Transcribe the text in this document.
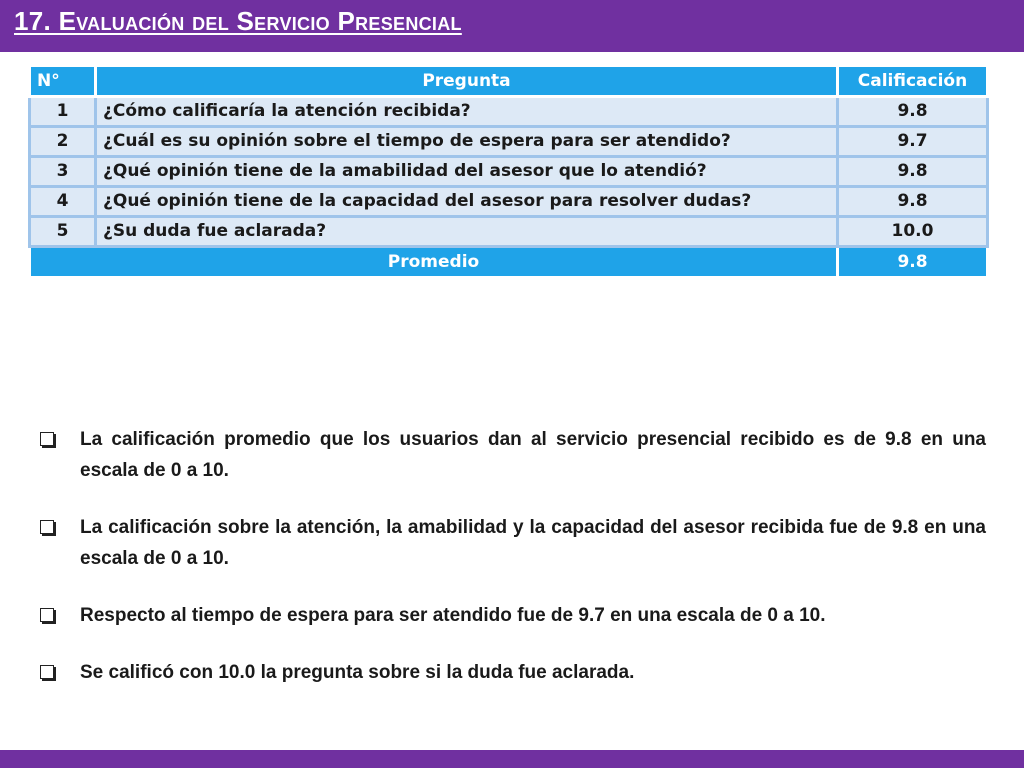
17. Evaluación del Servicio Presencial
N°	Pregunta	Calificación
1	¿Cómo calificaría la atención recibida?	9.8
2	¿Cuál es su opinión sobre el tiempo de espera para ser atendido?	9.7
3	¿Qué opinión tiene de la amabilidad del asesor que lo atendió?	9.8
4	¿Qué opinión tiene de la capacidad del asesor para resolver dudas?	9.8
5	¿Su duda fue aclarada?	10.0
Promedio		9.8
La calificación promedio que los usuarios dan al servicio presencial recibido es de 9.8 en una escala de 0 a 10.
La calificación sobre la atención, la amabilidad y la capacidad del asesor recibida fue de 9.8 en una escala de 0 a 10.
Respecto al tiempo de espera para ser atendido fue de 9.7 en una escala de 0 a 10.
Se calificó con 10.0 la pregunta sobre si la duda fue aclarada.
